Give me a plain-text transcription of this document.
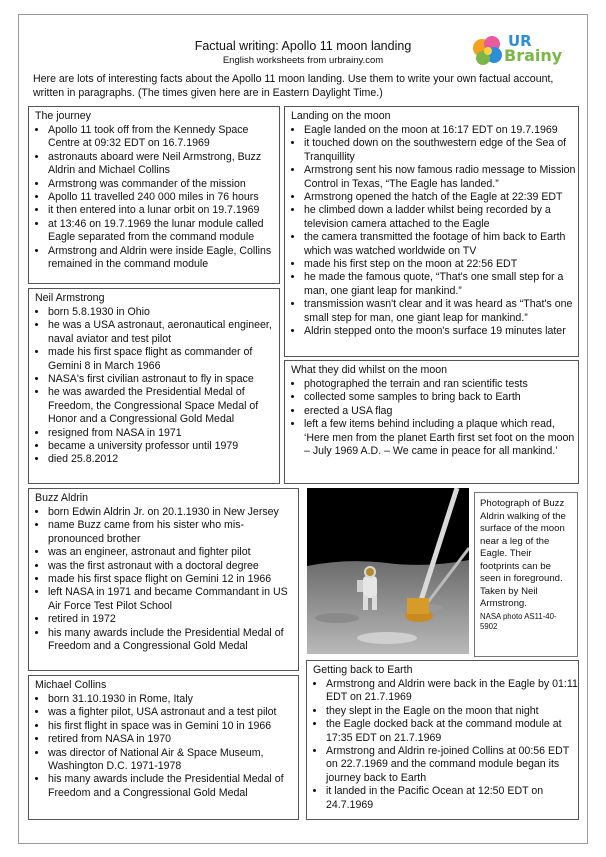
Factual writing: Apollo 11 moon landing
English worksheets from urbrainy.com
UR
Brainy
Here are lots of interesting facts about the Apollo 11 moon landing. Use them to write your own factual account, written in paragraphs. (The times given here are in Eastern Daylight Time.)
The journey
• Apollo 11 took off from the Kennedy Space Centre at 09:32 EDT on 16.7.1969
• astronauts aboard were Neil Armstrong, Buzz Aldrin and Michael Collins
• Armstrong was commander of the mission
• Apollo 11 travelled 240 000 miles in 76 hours
• it then entered into a lunar orbit on 19.7.1969
• at 13:46 on 19.7.1969 the lunar module called Eagle separated from the command module
• Armstrong and Aldrin were inside Eagle, Collins remained in the command module
Neil Armstrong
• born 5.8.1930 in Ohio
• he was a USA astronaut, aeronautical engineer, naval aviator and test pilot
• made his first space flight as commander of Gemini 8 in March 1966
• NASA's first civilian astronaut to fly in space
• he was awarded the Presidential Medal of Freedom, the Congressional Space Medal of Honor and a Congressional Gold Medal
• resigned from NASA in 1971
• became a university professor until 1979
• died 25.8.2012
Landing on the moon
• Eagle landed on the moon at 16:17 EDT on 19.7.1969
• it touched down on the southwestern edge of the Sea of Tranquillity
• Armstrong sent his now famous radio message to Mission Control in Texas, “The Eagle has landed.”
• Armstrong opened the hatch of the Eagle at 22:39 EDT
• he climbed down a ladder whilst being recorded by a television camera attached to the Eagle
• the camera transmitted the footage of him back to Earth which was watched worldwide on TV
• made his first step on the moon at 22:56 EDT
• he made the famous quote, “That's one small step for a man, one giant leap for mankind.”
• transmission wasn't clear and it was heard as “That's one small step for man, one giant leap for mankind.”
• Aldrin stepped onto the moon's surface 19 minutes later
What they did whilst on the moon
• photographed the terrain and ran scientific tests
• collected some samples to bring back to Earth
• erected a USA flag
• left a few items behind including a plaque which read, ‘Here men from the planet Earth first set foot on the moon – July 1969 A.D. – We came in peace for all mankind.’
Buzz Aldrin
• born Edwin Aldrin Jr. on 20.1.1930 in New Jersey
• name Buzz came from his sister who mis-pronounced brother
• was an engineer, astronaut and fighter pilot
• was the first astronaut with a doctoral degree
• made his first space flight on Gemini 12 in 1966
• left NASA in 1971 and became Commandant in US Air Force Test Pilot School
• retired in 1972
• his many awards include the Presidential Medal of Freedom and a Congressional Gold Medal
Michael Collins
• born 31.10.1930 in Rome, Italy
• was a fighter pilot, USA astronaut and a test pilot
• his first flight in space was in Gemini 10 in 1966
• retired from NASA in 1970
• was director of National Air & Space Museum, Washington D.C. 1971-1978
• his many awards include the Presidential Medal of Freedom and a Congressional Gold Medal
Photograph of Buzz Aldrin walking of the surface of the moon near a leg of the Eagle. Their footprints can be seen in foreground. Taken by Neil Armstrong.
NASA photo AS11-40-5902
Getting back to Earth
• Armstrong and Aldrin were back in the Eagle by 01:11 EDT on 21.7.1969
• they slept in the Eagle on the moon that night
• the Eagle docked back at the command module at 17:35 EDT on 21.7.1969
• Armstrong and Aldrin re-joined Collins at 00:56 EDT on 22.7.1969 and the command module began its journey back to Earth
• it landed in the Pacific Ocean at 12:50 EDT on 24.7.1969
